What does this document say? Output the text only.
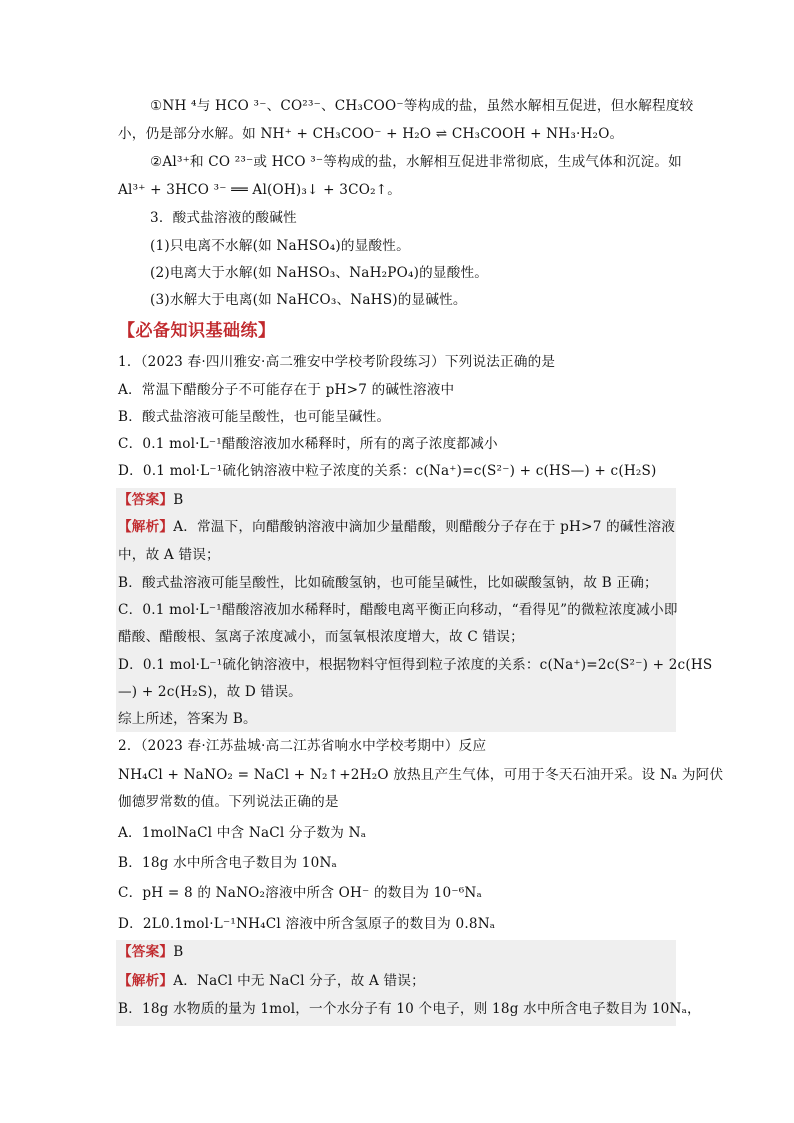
①NH ⁴与 HCO ³⁻、CO²³⁻、CH₃COO⁻等构成的盐，虽然水解相互促进，但水解程度较
小，仍是部分水解。如 NH⁺ + CH₃COO⁻ + H₂O ⇌ CH₃COOH + NH₃·H₂O。
②Al³⁺和 CO ²³⁻或 HCO ³⁻等构成的盐，水解相互促进非常彻底，生成气体和沉淀。如
Al³⁺ + 3HCO ³⁻ ══ Al(OH)₃↓ + 3CO₂↑。
3．酸式盐溶液的酸碱性
(1)只电离不水解(如 NaHSO₄)的显酸性。
(2)电离大于水解(如 NaHSO₃、NaH₂PO₄)的显酸性。
(3)水解大于电离(如 NaHCO₃、NaHS)的显碱性。
【必备知识基础练】
1．（2023 春·四川雅安·高二雅安中学校考阶段练习）下列说法正确的是
A．常温下醋酸分子不可能存在于 pH>7 的碱性溶液中
B．酸式盐溶液可能呈酸性，也可能呈碱性。
C．0.1 mol·L⁻¹醋酸溶液加水稀释时，所有的离子浓度都减小
D．0.1 mol·L⁻¹硫化钠溶液中粒子浓度的关系：c(Na⁺)=c(S²⁻) + c(HS—) + c(H₂S)
【答案】B
【解析】A．常温下，向醋酸钠溶液中滴加少量醋酸，则醋酸分子存在于 pH>7 的碱性溶液
中，故 A 错误；
B．酸式盐溶液可能呈酸性，比如硫酸氢钠，也可能呈碱性，比如碳酸氢钠，故 B 正确；
C．0.1 mol·L⁻¹醋酸溶液加水稀释时，醋酸电离平衡正向移动，“看得见”的微粒浓度减小即
醋酸、醋酸根、氢离子浓度减小，而氢氧根浓度增大，故 C 错误；
D．0.1 mol·L⁻¹硫化钠溶液中，根据物料守恒得到粒子浓度的关系：c(Na⁺)=2c(S²⁻) + 2c(HS
—) + 2c(H₂S)，故 D 错误。
综上所述，答案为 B。
2．（2023 春·江苏盐城·高二江苏省响水中学校考期中）反应
NH₄Cl + NaNO₂ = NaCl + N₂↑+2H₂O 放热且产生气体，可用于冬天石油开采。设 Nₐ 为阿伏
伽德罗常数的值。下列说法正确的是
A．1molNaCl 中含 NaCl 分子数为 Nₐ
B．18g 水中所含电子数目为 10Nₐ
C．pH = 8 的 NaNO₂溶液中所含 OH⁻ 的数目为 10⁻⁶Nₐ
D．2L0.1mol·L⁻¹NH₄Cl 溶液中所含氢原子的数目为 0.8Nₐ
【答案】B
【解析】A．NaCl 中无 NaCl 分子，故 A 错误；
B．18g 水物质的量为 1mol，一个水分子有 10 个电子，则 18g 水中所含电子数目为 10Nₐ，
